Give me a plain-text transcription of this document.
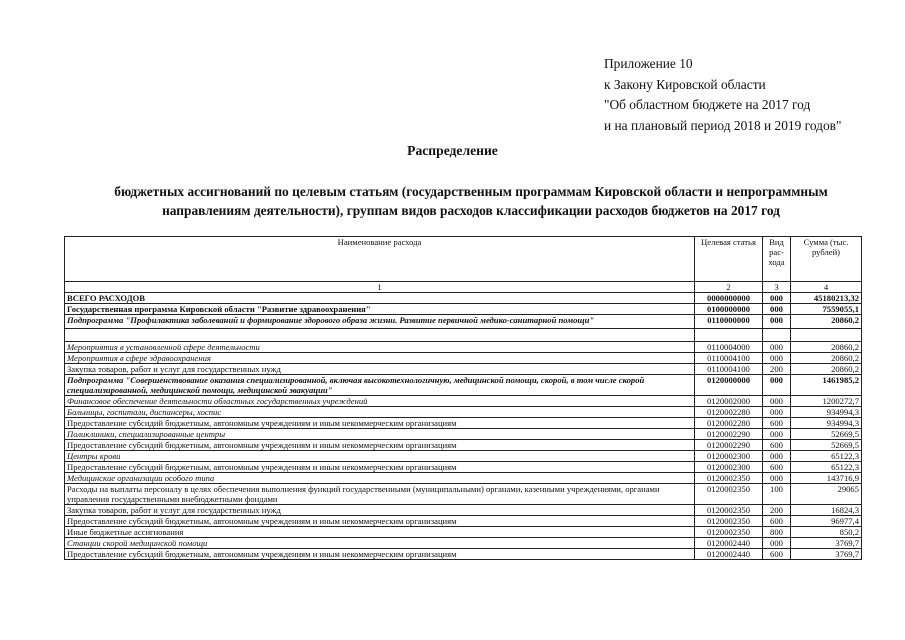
Приложение 10
к Закону Кировской области
"Об областном бюджете на 2017 год
и на плановый период 2018 и 2019 годов"
Распределение
бюджетных ассигнований по целевым статьям (государственным программам Кировской области и непрограммным направлениям деятельности), группам видов расходов классификации расходов бюджетов на 2017 год
Наименование расхода	Целевая статья	Вид рас-хода	Сумма (тыс. рублей)
1	2	3	4
ВСЕГО РАСХОДОВ	0000000000	000	45180213,32
Государственная программа Кировской области "Развитие здравоохранения"	0100000000	000	7559055,1
Подпрограмма "Профилактика заболеваний и формирование здорового образа жизни. Развитие первичной медико-санитарной помощи"	0110000000	000	20860,2

Мероприятия в установленной сфере деятельности	0110004000	000	20860,2
Мероприятия в сфере здравоохранения	0110004100	000	20860,2
Закупка товаров, работ и услуг для государственных нужд	0110004100	200	20860,2
Подпрограмма "Совершенствование оказания специализированной, включая высокотехнологичную, медицинской помощи, скорой, в том числе скорой специализированной, медицинской помощи, медицинской эвакуации"	0120000000	000	1461985,2
Финансовое обеспечение деятельности областных государственных учреждений	0120002000	000	1200272,7
Больницы, госпитали, диспансеры, хоспис	0120002280	000	934994,3
Предоставление субсидий бюджетным, автономным учреждениям и иным некоммерческим организациям	0120002280	600	934994,3
Поликлиники, специализированные центры	0120002290	000	52669,5
Предоставление субсидий бюджетным, автономным учреждениям и иным некоммерческим организациям	0120002290	600	52669,5
Центры крови	0120002300	000	65122,3
Предоставление субсидий бюджетным, автономным учреждениям и иным некоммерческим организациям	0120002300	600	65122,3
Медицинские организации особого типа	0120002350	000	143716,9
Расходы на выплаты персоналу в целях обеспечения выполнения функций государственными (муниципальными) органами, казенными учреждениями, органами управления государственными внебюджетными фондами	0120002350	100	29065
Закупка товаров, работ и услуг для государственных нужд	0120002350	200	16824,3
Предоставление субсидий бюджетным, автономным учреждениям и иным некоммерческим организациям	0120002350	600	96977,4
Иные бюджетные ассигнования	0120002350	800	850,2
Станции скорой медицинской помощи	0120002440	000	3769,7
Предоставление субсидий бюджетным, автономным учреждениям и иным некоммерческим организациям	0120002440	600	3769,7
